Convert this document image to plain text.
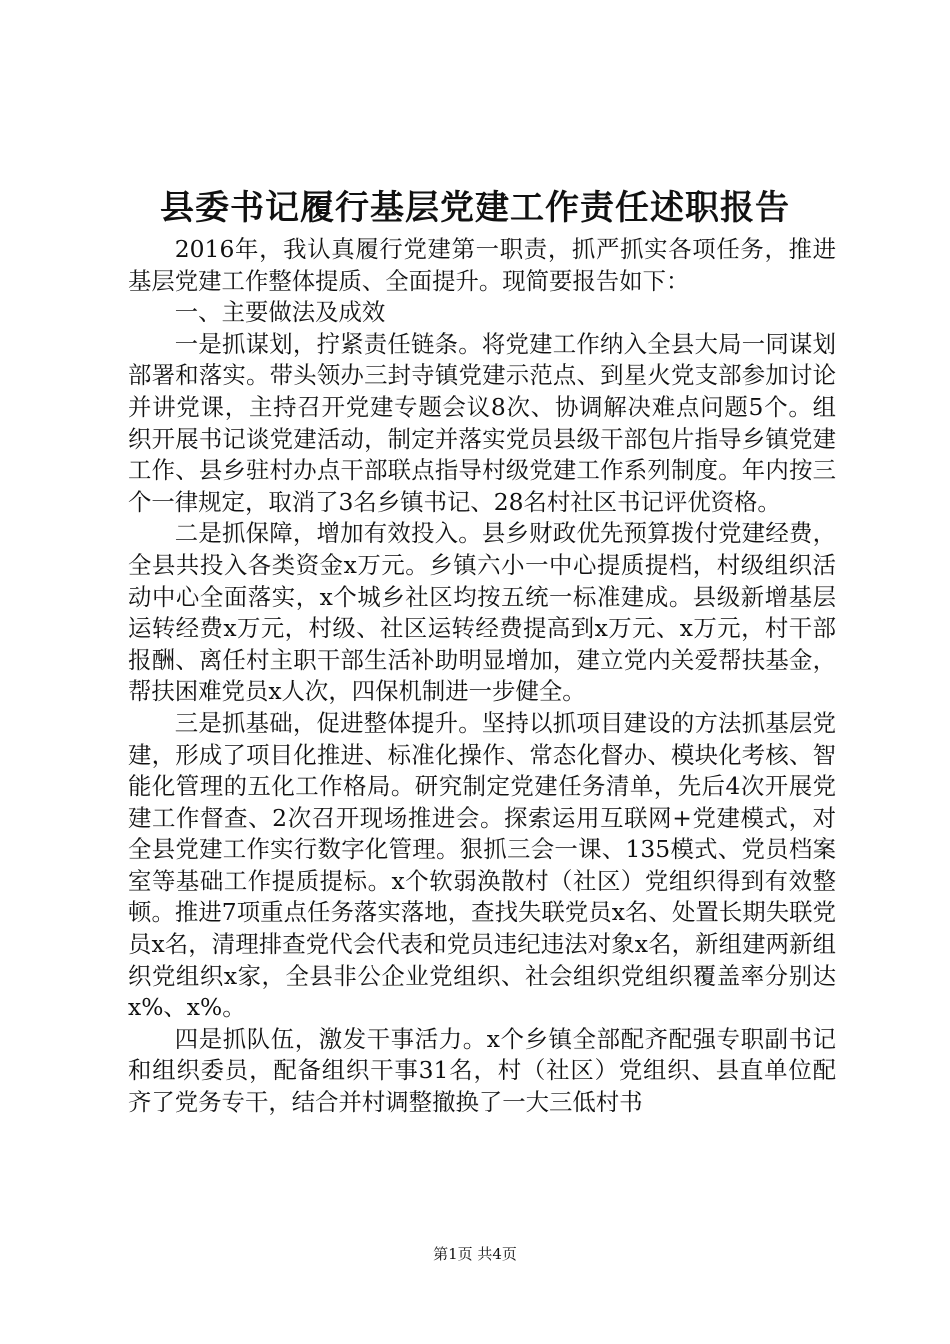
县委书记履行基层党建工作责任述职报告

2016年，我认真履行党建第一职责，抓严抓实各项任务，推进基层党建工作整体提质、全面提升。现简要报告如下：

一、主要做法及成效

一是抓谋划，拧紧责任链条。将党建工作纳入全县大局一同谋划部署和落实。带头领办三封寺镇党建示范点、到星火党支部参加讨论并讲党课，主持召开党建专题会议8次、协调解决难点问题5个。组织开展书记谈党建活动，制定并落实党员县级干部包片指导乡镇党建工作、县乡驻村办点干部联点指导村级党建工作系列制度。年内按三个一律规定，取消了3名乡镇书记、28名村社区书记评优资格。

二是抓保障，增加有效投入。县乡财政优先预算拨付党建经费，全县共投入各类资金x万元。乡镇六小一中心提质提档，村级组织活动中心全面落实，x个城乡社区均按五统一标准建成。县级新增基层运转经费x万元，村级、社区运转经费提高到x万元、x万元，村干部报酬、离任村主职干部生活补助明显增加，建立党内关爱帮扶基金，帮扶困难党员x人次，四保机制进一步健全。

三是抓基础，促进整体提升。坚持以抓项目建设的方法抓基层党建，形成了项目化推进、标准化操作、常态化督办、模块化考核、智能化管理的五化工作格局。研究制定党建任务清单，先后4次开展党建工作督查、2次召开现场推进会。探索运用互联网+党建模式，对全县党建工作实行数字化管理。狠抓三会一课、135模式、党员档案室等基础工作提质提标。x个软弱涣散村（社区）党组织得到有效整顿。推进7项重点任务落实落地，查找失联党员x名、处置长期失联党员x名，清理排查党代会代表和党员违纪违法对象x名，新组建两新组织党组织x家，全县非公企业党组织、社会组织党组织覆盖率分别达x%、x%。

四是抓队伍，激发干事活力。x个乡镇全部配齐配强专职副书记和组织委员，配备组织干事31名，村（社区）党组织、县直单位配齐了党务专干，结合并村调整撤换了一大三低村书

第1页 共4页
